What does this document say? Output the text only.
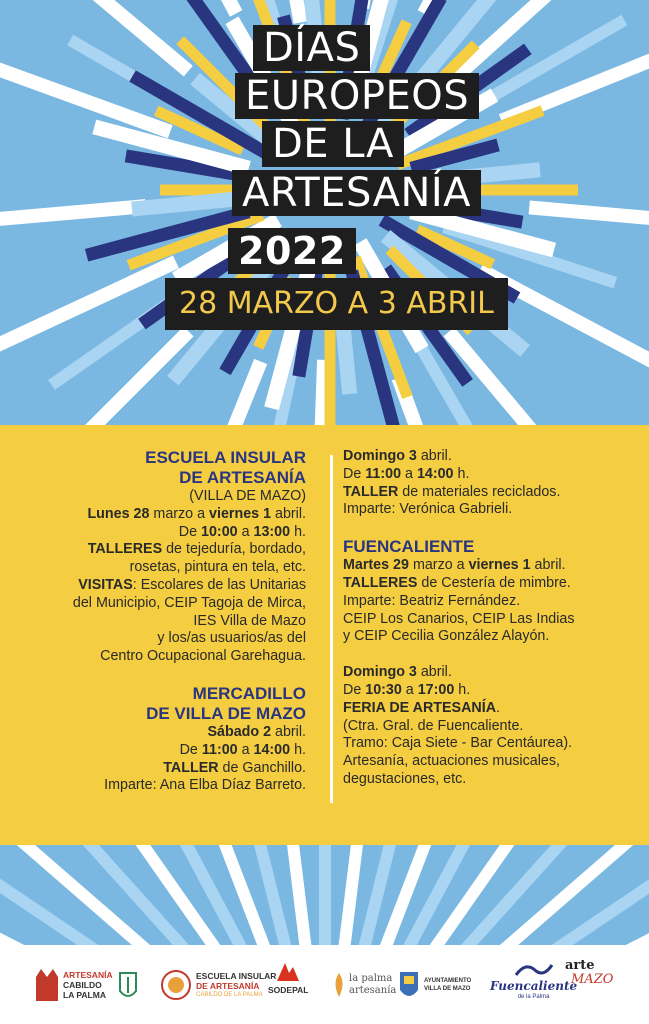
DÍAS
EUROPEOS
DE LA
ARTESANÍA
2022
28 MARZO A 3 ABRIL
ESCUELA INSULAR
DE ARTESANÍA
(VILLA DE MAZO)
Lunes 28 marzo a viernes 1 abril.
De 10:00 a 13:00 h.
TALLERES de tejeduría, bordado,
rosetas, pintura en tela, etc.
VISITAS: Escolares de las Unitarias
del Municipio, CEIP Tagoja de Mirca,
IES Villa de Mazo
y los/as usuarios/as del
Centro Ocupacional Garehagua.
MERCADILLO
DE VILLA DE MAZO
Sábado 2 abril.
De 11:00 a 14:00 h.
TALLER de Ganchillo.
Imparte: Ana Elba Díaz Barreto.
Domingo 3 abril.
De 11:00 a 14:00 h.
TALLER de materiales reciclados.
Imparte: Verónica Gabrieli.
FUENCALIENTE
Martes 29 marzo a viernes 1 abril.
TALLERES de Cestería de mimbre.
Imparte: Beatriz Fernández.
CEIP Los Canarios, CEIP Las Indias
y CEIP Cecilia González Alayón.
Domingo 3 abril.
De 10:30 a 17:00 h.
FERIA DE ARTESANÍA.
(Ctra. Gral. de Fuencaliente.
Tramo: Caja Siete - Bar Centáurea).
Artesanía, actuaciones musicales,
degustaciones, etc.
ARTESANÍA
CABILDO
LA PALMA
ESCUELA INSULAR
DE ARTESANÍA
CABILDO DE LA PALMA SODEPAL
la palma
artesanía
AYUNTAMIENTO
VILLA DE MAZO Fuencaliente
de la Palma
arte
MAZO
